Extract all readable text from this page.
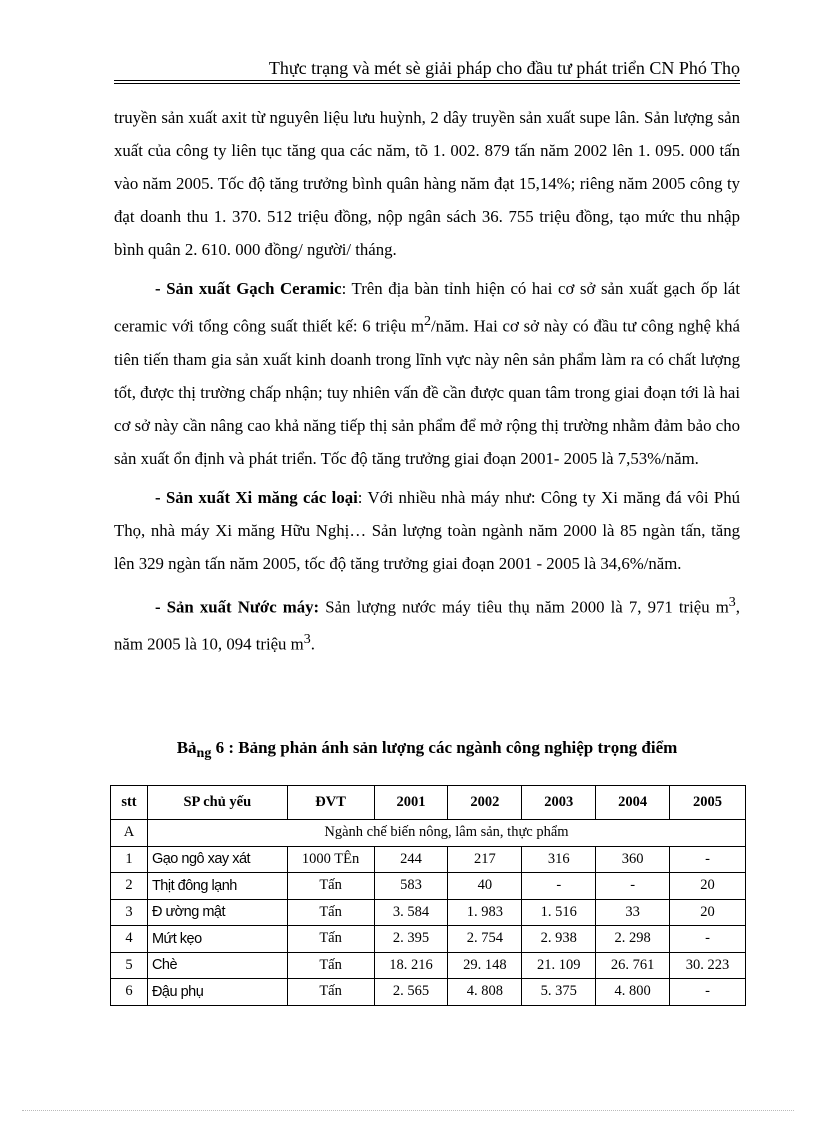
Thực trạng và mét sè giải pháp cho đầu tư phát triển CN Phó Thọ

truyền sản xuất axit từ nguyên liệu lưu huỳnh, 2 dây truyền sản xuất supe lân. Sản lượng sản xuất của công ty liên tục tăng qua các năm, tõ 1. 002. 879 tấn năm 2002 lên 1. 095. 000 tấn vào năm 2005. Tốc độ tăng trưởng bình quân hàng năm đạt 15,14%; riêng năm 2005 công ty đạt doanh thu 1. 370. 512 triệu đồng, nộp ngân sách 36. 755 triệu đồng, tạo mức thu nhập bình quân 2. 610. 000 đồng/ người/ tháng.

- Sản xuất Gạch Ceramic: Trên địa bàn tỉnh hiện có hai cơ sở sản xuất gạch ốp lát ceramic với tổng công suất thiết kế: 6 triệu $m^2$/năm. Hai cơ sở này có đầu tư công nghệ khá tiên tiến tham gia sản xuất kinh doanh trong lĩnh vực này nên sản phẩm làm ra có chất lượng tốt, được thị trường chấp nhận; tuy nhiên vấn đề cần được quan tâm trong giai đoạn tới là hai cơ sở này cần nâng cao khả năng tiếp thị sản phẩm để mở rộng thị trường nhằm đảm bảo cho sản xuất ổn định và phát triển. Tốc độ tăng trưởng giai đoạn 2001- 2005 là 7,53%/năm.

- Sản xuất Xi măng các loại: Với nhiều nhà máy như: Công ty Xi măng đá vôi Phú Thọ, nhà máy Xi măng Hữu Nghị… Sản lượng toàn ngành năm 2000 là 85 ngàn tấn, tăng lên 329 ngàn tấn năm 2005, tốc độ tăng trưởng giai đoạn 2001 - 2005 là 34,6%/năm.

- Sản xuất Nước máy: Sản lượng nước máy tiêu thụ năm 2000 là 7, 971 triệu $m^3$, năm 2005 là 10, 094 triệu $m^3$.

Bả$_{ng}$ 6 : Bảng phản ánh sản lượng các ngành công nghiệp trọng điểm
stt	SP chủ yếu	ĐVT	2001	2002	2003	2004	2005
A	Ngành chế biến nông, lâm sản, thực phẩm						
1	Gạo ngô xay xát	1000 TÊn	244	217	316	360	-
2	Thịt đông lạnh	Tấn	583	40	-	-	20
3	Đ ường mật	Tấn	3. 584	1. 983	1. 516	33	20
4	Mứt kẹo	Tấn	2. 395	2. 754	2. 938	2. 298	-
5	Chè	Tấn	18. 216	29. 148	21. 109	26. 761	30. 223
6	Đậu phụ	Tấn	2. 565	4. 808	5. 375	4. 800	-
